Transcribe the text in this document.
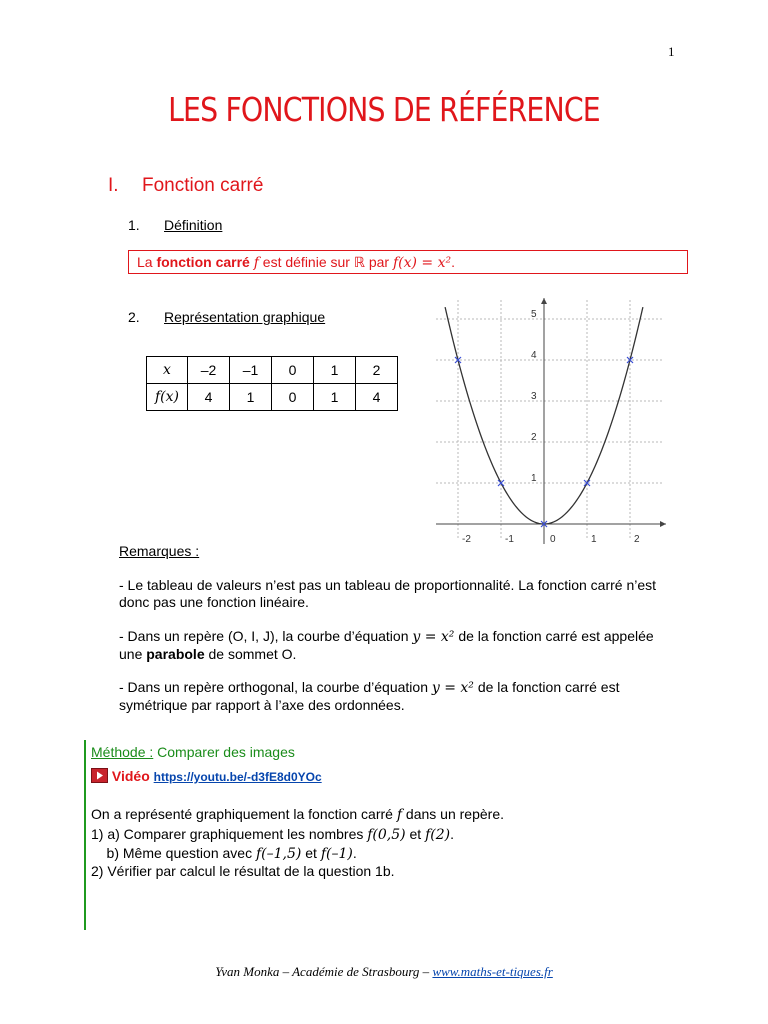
1
LES FONCTIONS DE RÉFÉRENCE
I. Fonction carré
1. Définition
La fonction carré f est définie sur ℝ par f(x) = x².
2. Représentation graphique
x	–2	–1	0	1	2
f(x)	4	1	0	1	4
-2	-1	0	1	2
1
2
3
4
5
Remarques :
- Le tableau de valeurs n’est pas un tableau de proportionnalité. La fonction carré n’est donc pas une fonction linéaire.
- Dans un repère (O, I, J), la courbe d’équation y = x² de la fonction carré est appelée une parabole de sommet O.
- Dans un repère orthogonal, la courbe d’équation y = x² de la fonction carré est symétrique par rapport à l’axe des ordonnées.
Méthode : Comparer des images
Vidéo https://youtu.be/-d3fE8d0YOc
On a représenté graphiquement la fonction carré f dans un repère.
1) a) Comparer graphiquement les nombres f(0,5) et f(2).
b) Même question avec f(–1,5) et f(–1).
2) Vérifier par calcul le résultat de la question 1b.
Yvan Monka – Académie de Strasbourg – www.maths-et-tiques.fr
